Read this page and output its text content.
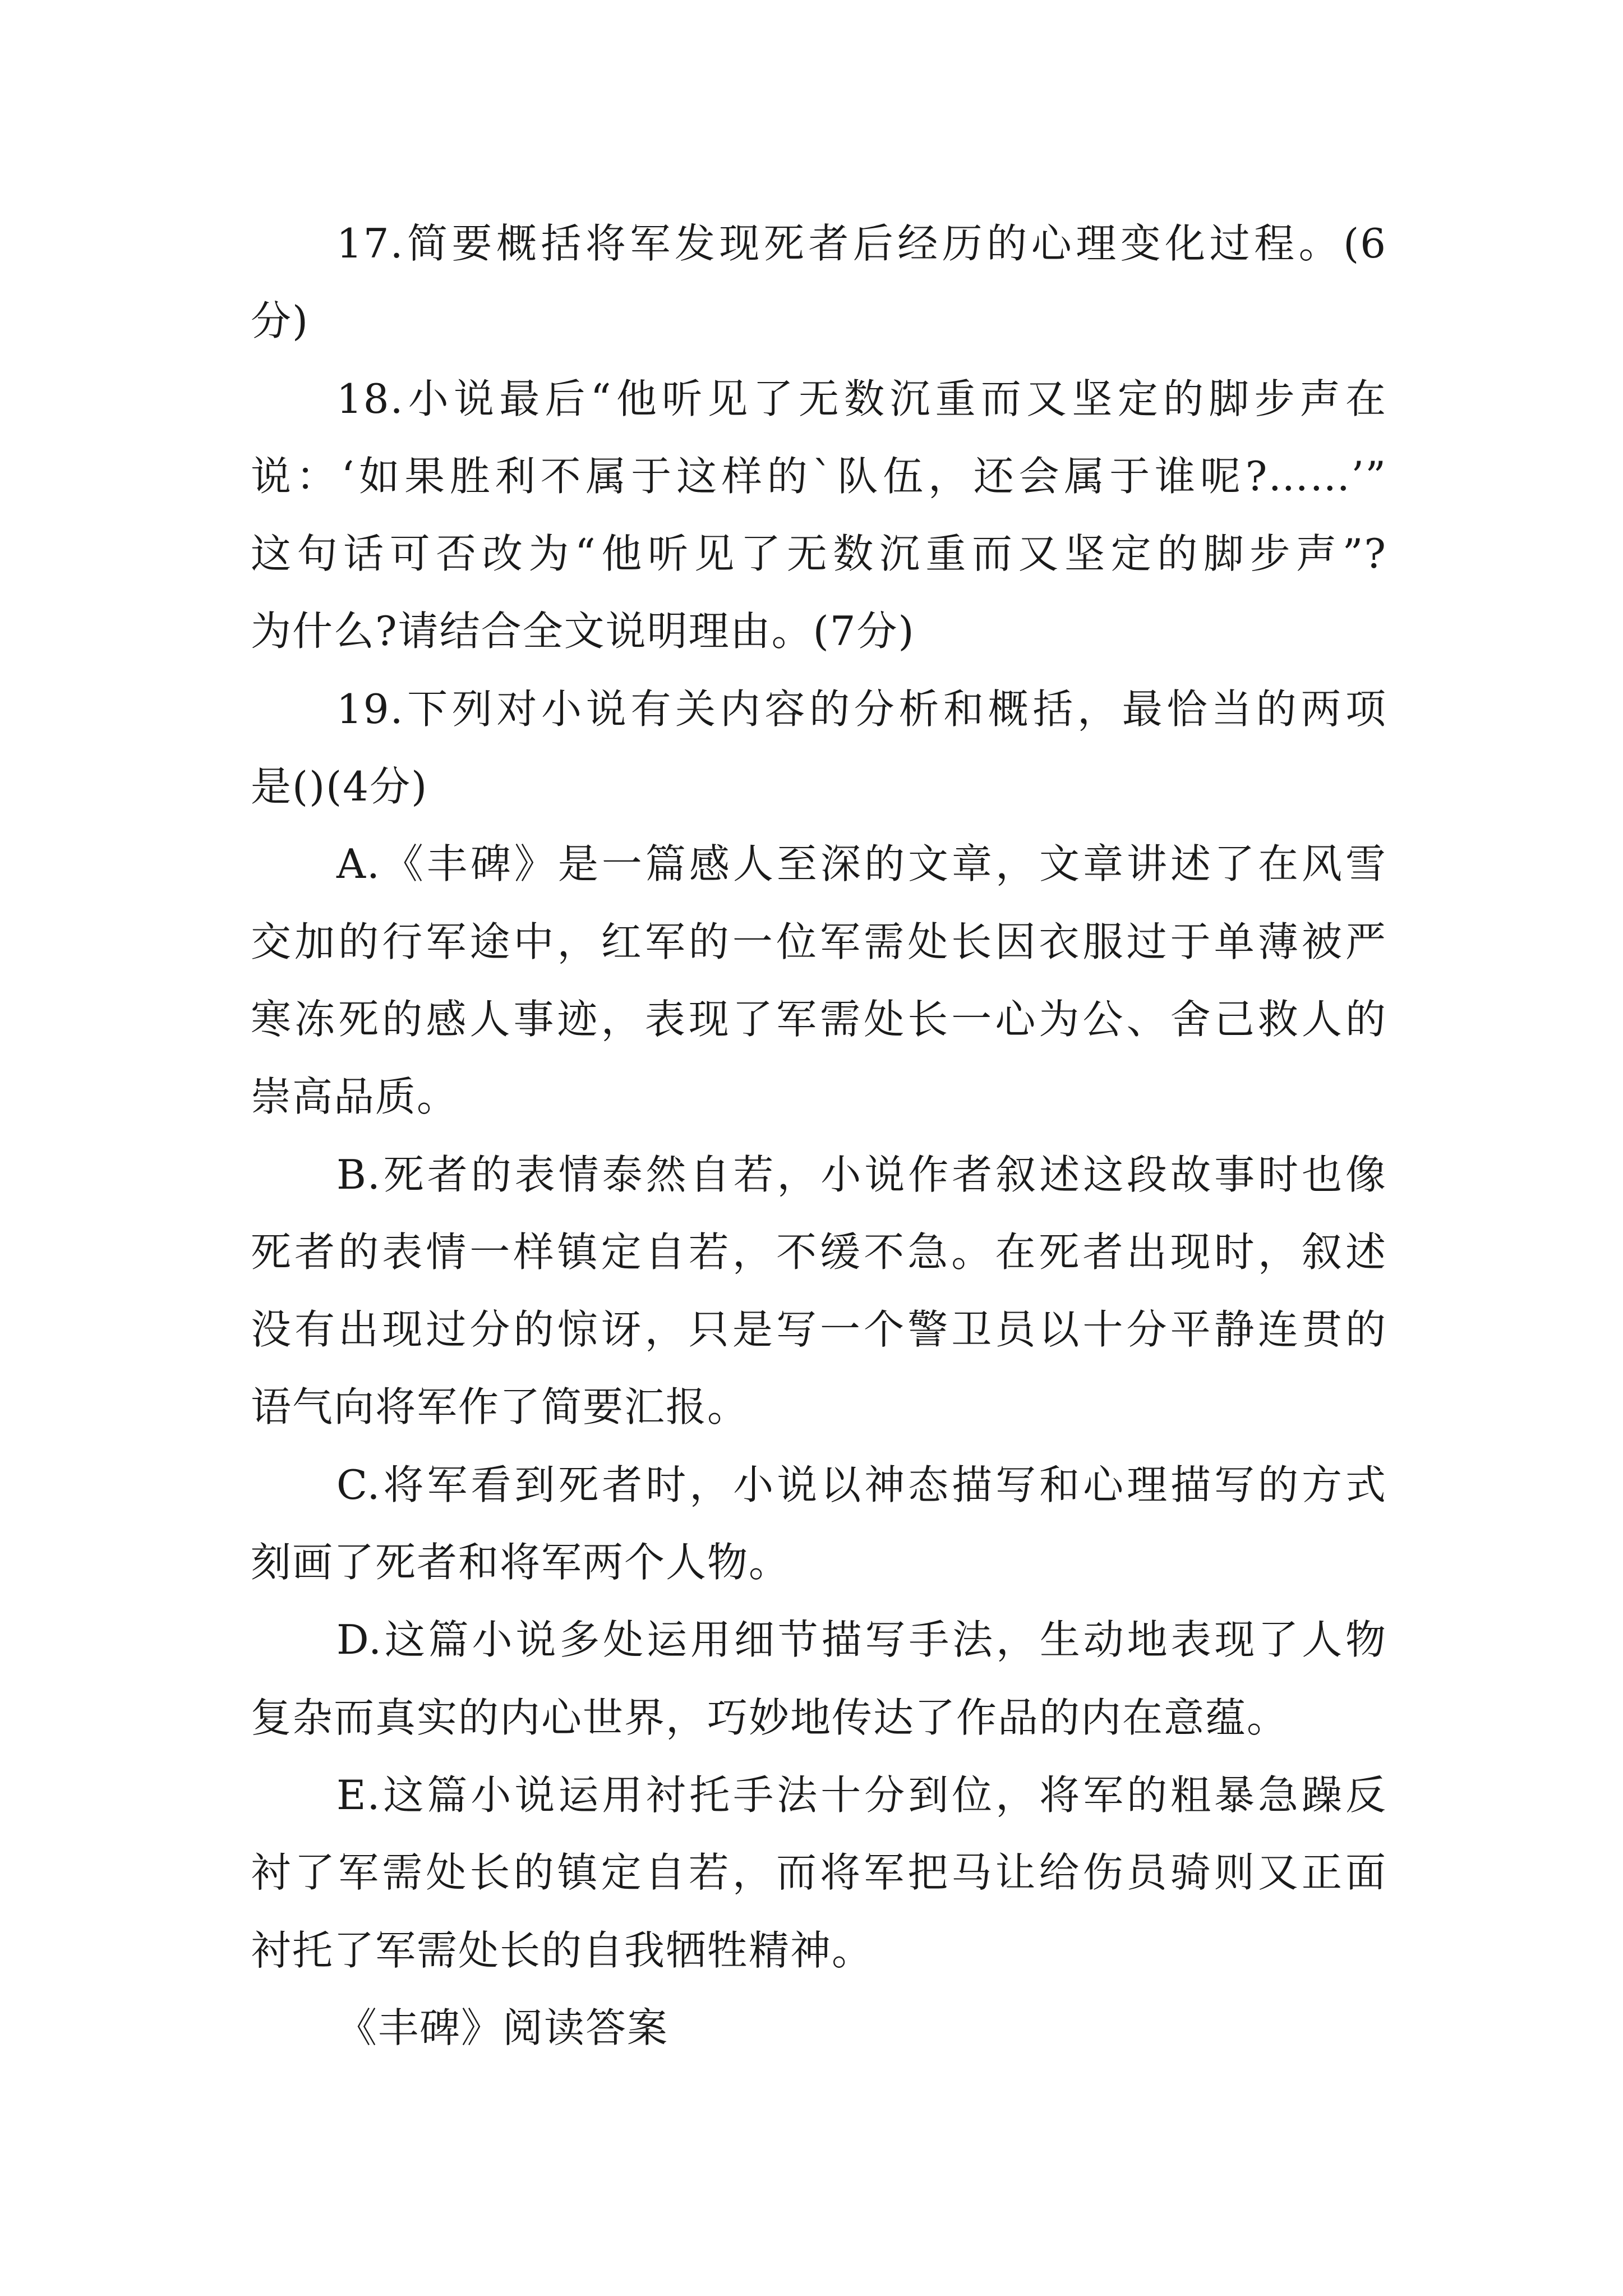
17.简要概括将军发现死者后经历的心理变化过程。(6
分)
18.小说最后“他听见了无数沉重而又坚定的脚步声在
说：‘如果胜利不属于这样的`队伍，还会属于谁呢?……’”
这句话可否改为“他听见了无数沉重而又坚定的脚步声”?
为什么?请结合全文说明理由。(7分)
19.下列对小说有关内容的分析和概括，最恰当的两项
是()(4分)
A.《丰碑》是一篇感人至深的文章，文章讲述了在风雪
交加的行军途中，红军的一位军需处长因衣服过于单薄被严
寒冻死的感人事迹，表现了军需处长一心为公、舍己救人的
崇高品质。
B.死者的表情泰然自若，小说作者叙述这段故事时也像
死者的表情一样镇定自若，不缓不急。在死者出现时，叙述
没有出现过分的惊讶，只是写一个警卫员以十分平静连贯的
语气向将军作了简要汇报。
C.将军看到死者时，小说以神态描写和心理描写的方式
刻画了死者和将军两个人物。
D.这篇小说多处运用细节描写手法，生动地表现了人物
复杂而真实的内心世界，巧妙地传达了作品的内在意蕴。
E.这篇小说运用衬托手法十分到位，将军的粗暴急躁反
衬了军需处长的镇定自若，而将军把马让给伤员骑则又正面
衬托了军需处长的自我牺牲精神。
《丰碑》阅读答案
